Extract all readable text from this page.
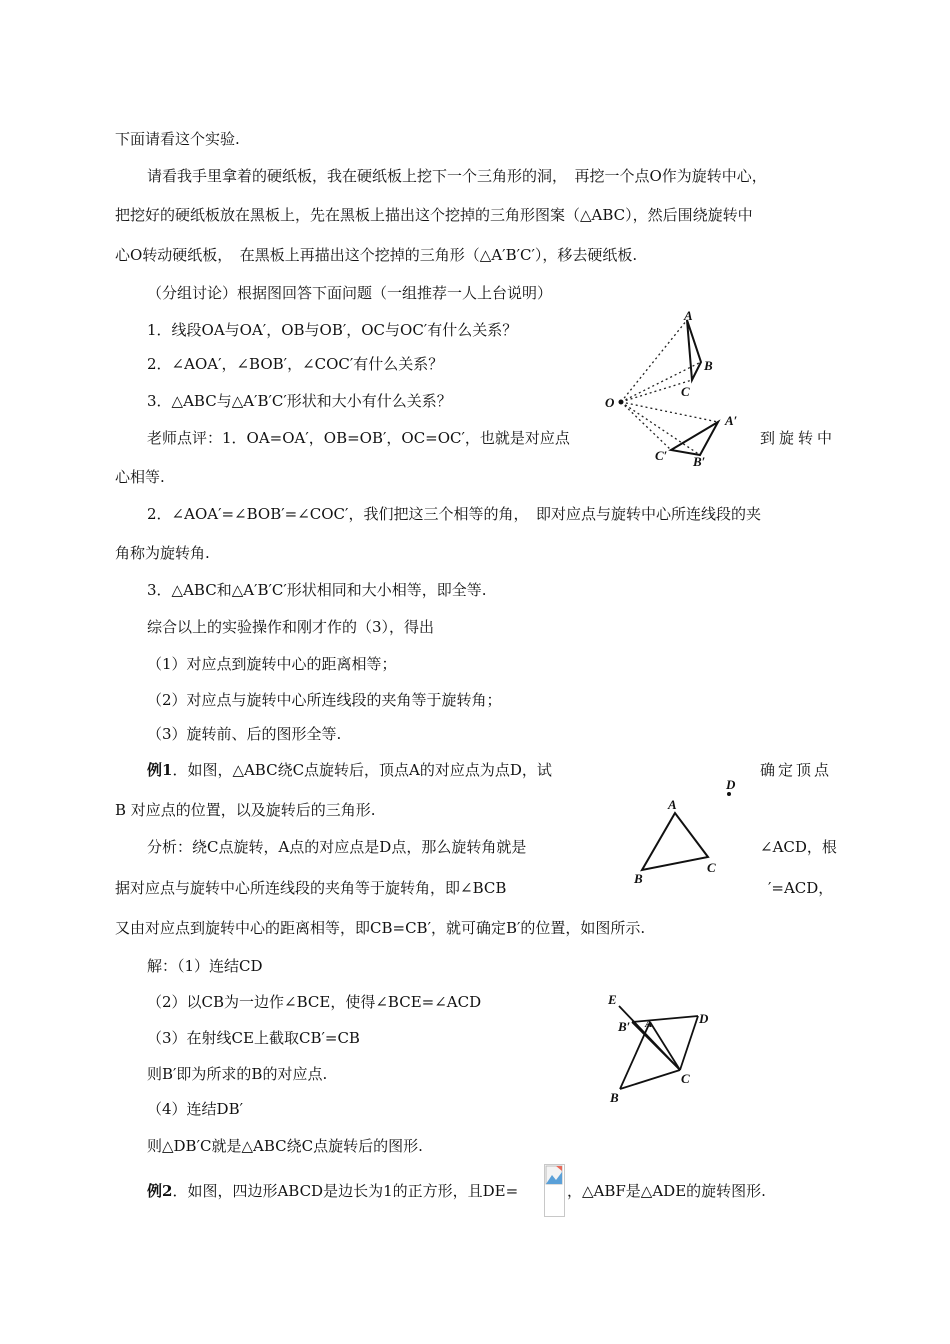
下面请看这个实验.
请看我手里拿着的硬纸板，我在硬纸板上挖下一个三角形的洞，　再挖一个点O作为旋转中心，
把挖好的硬纸板放在黑板上，先在黑板上描出这个挖掉的三角形图案（△ABC），然后围绕旋转中
心O转动硬纸板，　在黑板上再描出这个挖掉的三角形（△A′B′C′），移去硬纸板.
（分组讨论）根据图回答下面问题（一组推荐一人上台说明）
1．线段OA与OA′，OB与OB′，OC与OC′有什么关系？
2．∠AOA′，∠BOB′，∠COC′有什么关系？
3．△ABC与△A′B′C′形状和大小有什么关系？
老师点评：1．OA=OA′，OB=OB′，OC=OC′，也就是对应点	到旋转中
心相等.
2．∠AOA′=∠BOB′=∠COC′，我们把这三个相等的角，　即对应点与旋转中心所连线段的夹
角称为旋转角.
3．△ABC和△A′B′C′形状相同和大小相等，即全等.
综合以上的实验操作和刚才作的（3），得出
（1）对应点到旋转中心的距离相等；
（2）对应点与旋转中心所连线段的夹角等于旋转角；
（3）旋转前、后的图形全等.
例1．如图，△ABC绕C点旋转后，顶点A的对应点为点D，试	确定顶点
B 对应点的位置，以及旋转后的三角形.
分析：绕C点旋转，A点的对应点是D点，那么旋转角就是	∠ACD，根
据对应点与旋转中心所连线段的夹角等于旋转角，即∠BCB	′=ACD，
又由对应点到旋转中心的距离相等，即CB=CB′，就可确定B′的位置，如图所示.
解：（1）连结CD
（2）以CB为一边作∠BCE，使得∠BCE=∠ACD
（3）在射线CE上截取CB′=CB
则B′即为所求的B的对应点.
（4）连结DB′
则△DB′C就是△ABC绕C点旋转后的图形.
例2．如图，四边形ABCD是边长为1的正方形，且DE=	，△ABF是△ADE的旋转图形.
O
A
B
C
A′
C′ B′
D
A
B
C
E
B′ A	D
C
B
